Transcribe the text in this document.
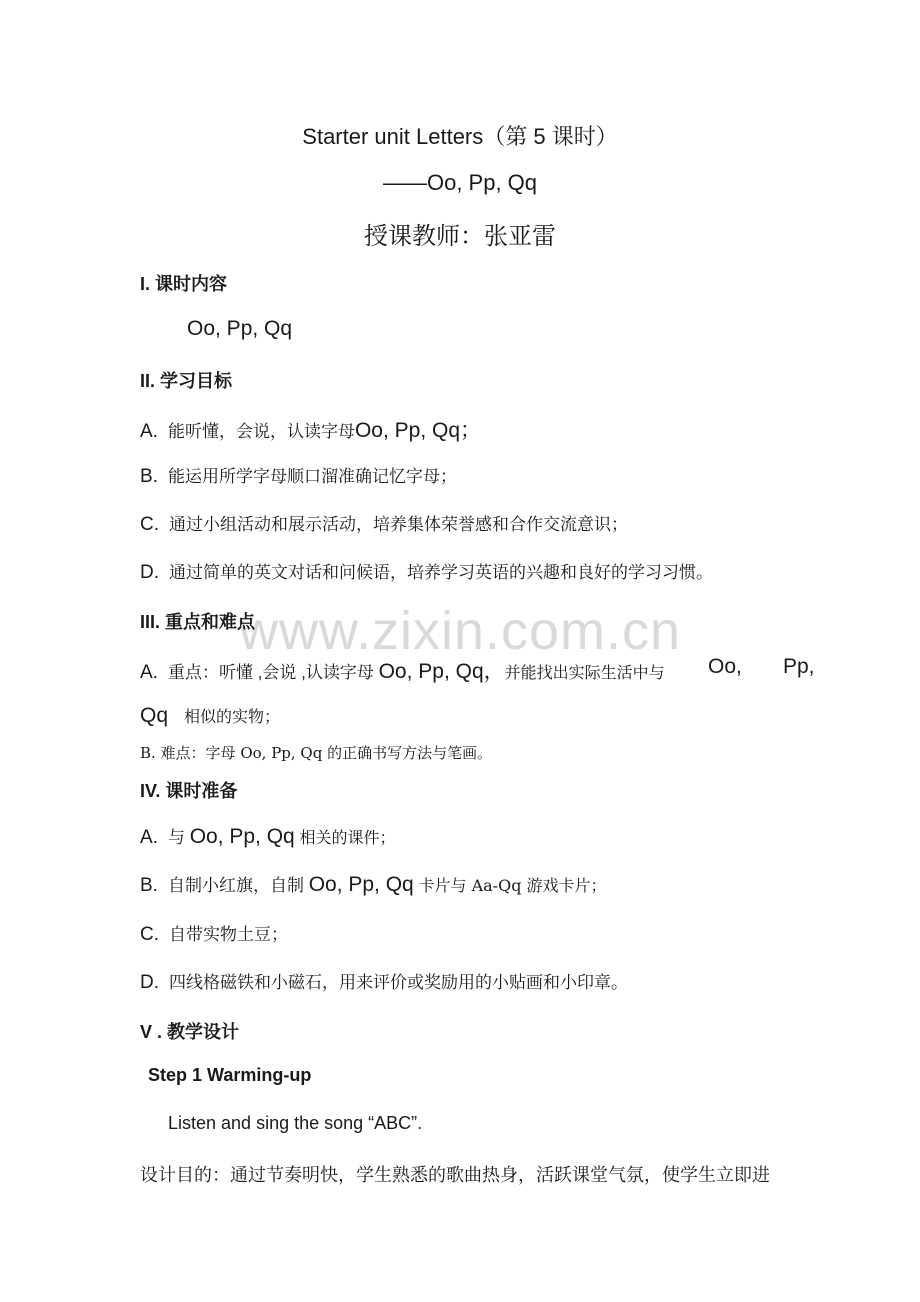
www.zixin.com.cn
Starter unit Letters（第 5 课时）
——Oo, Pp, Qq
授课教师：张亚雷
I. 课时内容
Oo, Pp, Qq
II. 学习目标
A. 能听懂，会说，认读字母Oo, Pp, Qq；
B. 能运用所学字母顺口溜准确记忆字母；
C. 通过小组活动和展示活动，培养集体荣誉感和合作交流意识；
D. 通过简单的英文对话和问候语，培养学习英语的兴趣和良好的学习习惯。
III. 重点和难点
A. 重点：听懂 ,会说 ,认读字母 Oo, Pp, Qq，并能找出实际生活中与 Oo, Pp,
Qq 相似的实物；
B. 难点：字母 Oo, Pp, Qq 的正确书写方法与笔画。
IV. 课时准备
A. 与 Oo, Pp, Qq 相关的课件；
B. 自制小红旗，自制 Oo, Pp, Qq 卡片与 Aa-Qq 游戏卡片；
C. 自带实物土豆；
D. 四线格磁铁和小磁石，用来评价或奖励用的小贴画和小印章。
V . 教学设计
Step 1 Warming-up
Listen and sing the song “ABC”.
设计目的：通过节奏明快，学生熟悉的歌曲热身，活跃课堂气氛，使学生立即进
